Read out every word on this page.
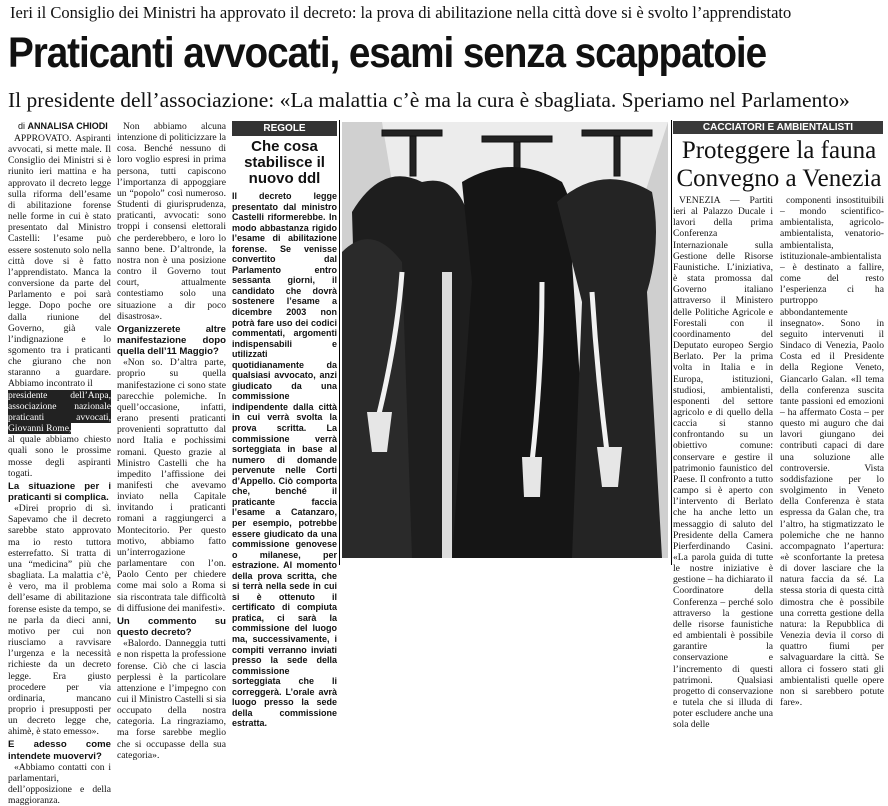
Ieri il Consiglio dei Ministri ha approvato il decreto: la prova di abilitazione nella città dove si è svolto l’apprendistato
Praticanti avvocati, esami senza scappatoie
Il presidente dell’associazione: «La malattia c’è ma la cura è sbagliata. Speriamo nel Parlamento»
di ANNALISA CHIODI

APPROVATO. Aspiranti avvocati, si mette male. Il Consiglio dei Ministri si è riunito ieri mattina e ha approvato il decreto legge sulla riforma dell’esame di abilitazione forense nelle forme in cui è stato presentato dal Ministro Castelli: l’esame può essere sostenuto solo nella città dove si è fatto l’apprendistato. Manca la conversione da parte del Parlamento e poi sarà legge. Dopo poche ore dalla riunione del Governo, già vale l’indignazione e lo sgomento tra i praticanti che giurano che non staranno a guardare. Abbiamo incontrato il

presidente dell’Anpa, associazione nazionale praticanti avvocati, Giovanni Rome,

al quale abbiamo chiesto quali sono le prossime mosse degli aspiranti togati.

La situazione per i praticanti si complica.

«Direi proprio di sì. Sapevamo che il decreto sarebbe stato approvato ma io resto tuttora esterrefatto. Si tratta di una “medicina” più che sbagliata. La malattia c’è, è vero, ma il problema dell’esame di abilitazione forense esiste da tempo, se ne parla da dieci anni, motivo per cui non riusciamo a ravvisare l’urgenza e la necessità richieste da un decreto legge. Era giusto procedere per via ordinaria, mancano proprio i presupposti per un decreto legge che, ahimè, è stato emesso».

E adesso come intendete muovervi?

«Abbiamo contatti con i parlamentari, dell’opposizione e della maggioranza.

Non abbiamo alcuna intenzione di politicizzare la cosa. Benché nessuno di loro voglio espresi in prima persona, tutti capiscono l’importanza di appoggiare un “popolo” così numeroso. Studenti di giurisprudenza, praticanti, avvocati: sono troppi i consensi elettorali che perderebbero, e loro lo sanno bene. D’altronde, la nostra non è una posizione contro il Governo tout court, attualmente contestiamo solo una situazione a dir poco disastrosa».

Organizzerete altre manifestazione dopo quella dell’11 Maggio?

«Non so. D’altra parte, proprio su quella manifestazione ci sono state parecchie polemiche. In quell’occasione, infatti, erano presenti praticanti provenienti soprattutto dal nord Italia e pochissimi romani. Questo grazie al Ministro Castelli che ha impedito l’affissione dei manifesti che avevamo inviato nella Capitale invitando i praticanti romani a raggiungerci a Montecitorio. Per questo motivo, abbiamo fatto un’interrogazione parlamentare con l’on. Paolo Cento per chiedere come mai solo a Roma si sia riscontrata tale difficoltà di diffusione dei manifesti».

Un commento su questo decreto?

«Balordo. Danneggia tutti e non rispetta la professione forense. Ciò che ci lascia perplessi è la particolare attenzione e l’impegno con cui il Ministro Castelli si sia occupato della nostra categoria. La ringraziamo, ma forse sarebbe meglio che si occupasse della sua categoria».

REGOLE
Che cosa stabilisce il nuovo ddl
Il decreto legge presentato dal ministro Castelli riformerebbe. In modo abbastanza rigido l’esame di abilitazione forense. Se venisse convertito dal Parlamento entro sessanta giorni, il candidato che dovrà sostenere l’esame a dicembre 2003 non potrà fare uso dei codici commentati, argomenti indispensabili e utilizzati quotidianamente da qualsiasi avvocato, anzi giudicato da una commissione indipendente dalla città in cui verrà svolta la prova scritta. La commissione verrà sorteggiata in base al numero di domande pervenute nelle Corti d’Appello. Ciò comporta che, benché il praticante faccia l’esame a Catanzaro, per esempio, potrebbe essere giudicato da una commissione genovese o milanese, per estrazione. Al momento della prova scritta, che si terrà nella sede in cui si è ottenuto il certificato di compiuta pratica, ci sarà la commissione del luogo ma, successivamente, i compiti verranno inviati presso la sede della commissione sorteggiata che li correggerà. L’orale avrà luogo presso la sede della commissione estratta.
CACCIATORI E AMBIENTALISTI
Proteggere la fauna
Convegno a Venezia

VENEZIA — Partiti ieri al Palazzo Ducale i lavori della prima Conferenza Internazionale sulla Gestione delle Risorse Faunistiche. L’iniziativa, è stata promossa dal Governo italiano attraverso il Ministero delle Politiche Agricole e Forestali con il coordinamento del Deputato europeo Sergio Berlato. Per la prima volta in Italia e in Europa, istituzioni, studiosi, ambientalisti, esponenti del settore agricolo e di quello della caccia si stanno confrontando su un obiettivo comune: conservare e gestire il patrimonio faunistico del Paese. Il confronto a tutto campo si è aperto con l’intervento di Berlato che ha anche letto un messaggio di saluto del Presidente della Camera Pierferdinando Casini. «La parola guida di tutte le nostre iniziative è gestione – ha dichiarato il Coordinatore della Conferenza – perché solo attraverso la gestione delle risorse faunistiche ed ambientali è possibile garantire la conservazione e l’incremento di questi patrimoni. Qualsiasi progetto di conservazione e tutela che si illuda di poter escludere anche una sola delle

componenti insostituibili – mondo scientifico-ambientalista, agricolo-ambientalista, venatorio-ambientalista, istituzionale-ambientalista – è destinato a fallire, come del resto l’esperienza ci ha purtroppo abbondantemente insegnato». Sono in seguito intervenuti il Sindaco di Venezia, Paolo Costa ed il Presidente della Regione Veneto, Giancarlo Galan. «Il tema della conferenza suscita tante passioni ed emozioni – ha affermato Costa – per questo mi auguro che dai lavori giungano dei contributi capaci di dare una soluzione alle controversie. Vista soddisfazione per lo svolgimento in Veneto della Conferenza è stata espressa da Galan che, tra l’altro, ha stigmatizzato le polemiche che ne hanno accompagnato l’apertura: «è sconfortante la pretesa di dover lasciare che la natura faccia da sé. La stessa storia di questa città dimostra che è possibile una corretta gestione della natura: la Repubblica di Venezia devia il corso di quattro fiumi per salvaguardare la città. Se allora ci fossero stati gli ambientalisti quelle opere non si sarebbero potute fare».
